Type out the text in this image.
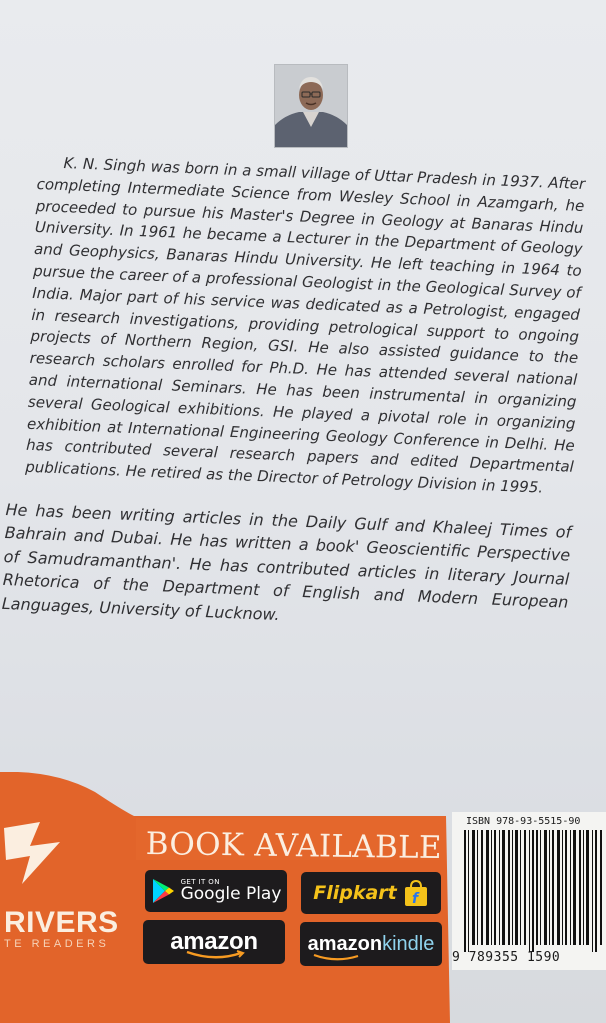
K. N. Singh was born in a small village of Uttar Pradesh in 1937. After completing Intermediate Science from Wesley School in Azamgarh, he proceeded to pursue his Master's Degree in Geology at Banaras Hindu University. In 1961 he became a Lecturer in the Department of Geology and Geophysics, Banaras Hindu University. He left teaching in 1964 to pursue the career of a professional Geologist in the Geological Survey of India. Major part of his service was dedicated as a Petrologist, engaged in research investigations, providing petrological support to ongoing projects of Northern Region, GSI. He also assisted guidance to the research scholars enrolled for Ph.D. He has attended several national and international Seminars. He has been instrumental in organizing several Geological exhibitions. He played a pivotal role in organizing exhibition at International Engineering Geology Conference in Delhi. He has contributed several research papers and edited Departmental publications. He retired as the Director of Petrology Division in 1995.

He has been writing articles in the Daily Gulf and Khaleej Times of Bahrain and Dubai. He has written a book' Geoscientific Perspective of Samudramanthan'. He has contributed articles in literary Journal Rhetorica of the Department of English and Modern European Languages, University of Lucknow.

BOOK AVAILABLE
GET IT ON
Google Play Flipkart f
amazon amazonkindle
RIVERS
TE READERS
ISBN 978-93-5515-90
9 789355 1590
